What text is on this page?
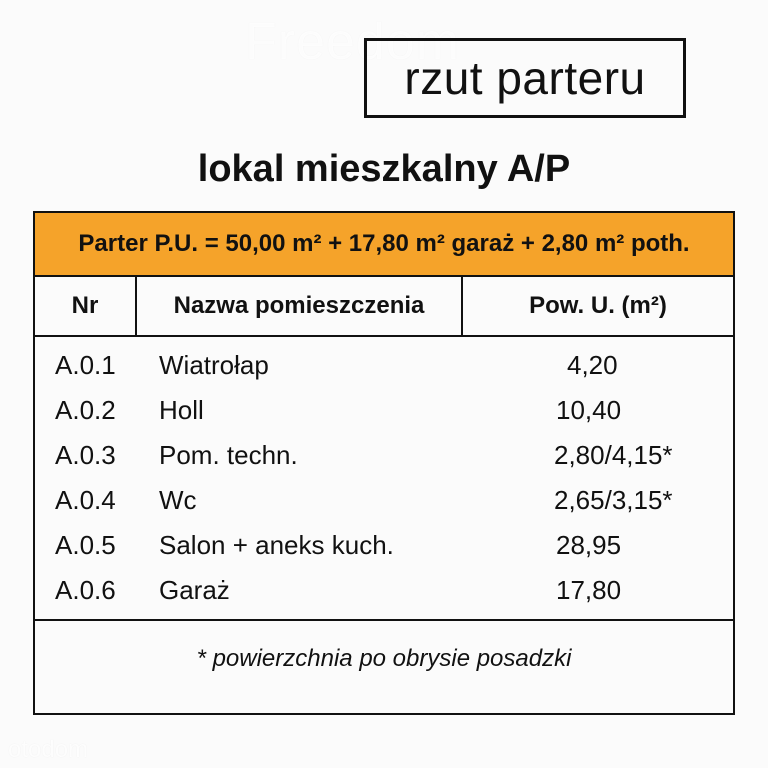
Freedom
rzut parteru
lokal mieszkalny A/P
Parter P.U. = 50,00 m² + 17,80 m² garaż + 2,80 m² poth.
Nr	Nazwa pomieszczenia	Pow. U. (m²)
A.0.1 Wiatrołap	4,20
A.0.2 Holl	10,40
A.0.3 Pom. techn.	2,80/4,15*
A.0.4 Wc	2,65/3,15*
A.0.5 Salon + aneks kuch.	28,95
A.0.6 Garaż	17,80
* powierzchnia po obrysie posadzki
otodom
